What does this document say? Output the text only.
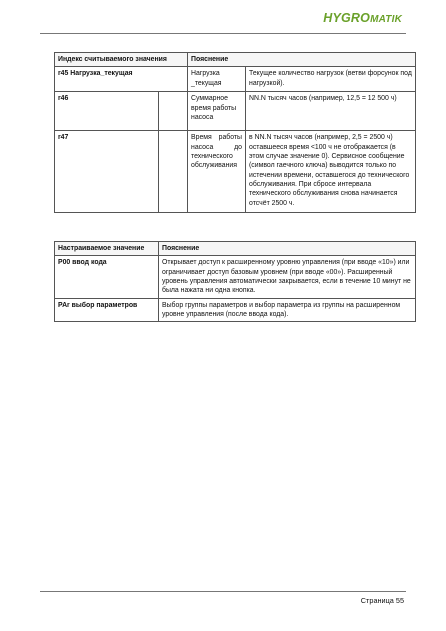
HYGROMATIK
Индекс считываемого значения		Пояснение	
r45 Нагрузка_текущая		Нагрузка _текущая	Текущее количество нагрузок (ветви форсунок под нагрузкой).
r46		Суммарное время работы насоса	NN.N тысяч часов (например, 12,5 = 12 500 ч)
r47		Время работы насоса до технического обслуживания	в NN.N тысяч часов (например, 2,5 = 2500 ч) оставшееся время <100 ч не отображается (в этом случае значение 0). Сервисное сообщение (символ гаечного ключа) выводится только по истечении времени, оставшегося до технического обслуживания. При сбросе интервала технического обслуживания снова начинается отсчёт 2500 ч.
Настраиваемое значение	Пояснение
P00 ввод кода	Открывает доступ к расширенному уровню управления (при вводе «10») или ограничивает доступ базовым уровнем (при вводе «00»). Расширенный уровень управления автоматически закрывается, если в течение 10 минут не была нажата ни одна кнопка.
PAr выбор параметров	Выбор группы параметров и выбор параметра из группы на расширенном уровне управления (после ввода кода).
Страница 55
